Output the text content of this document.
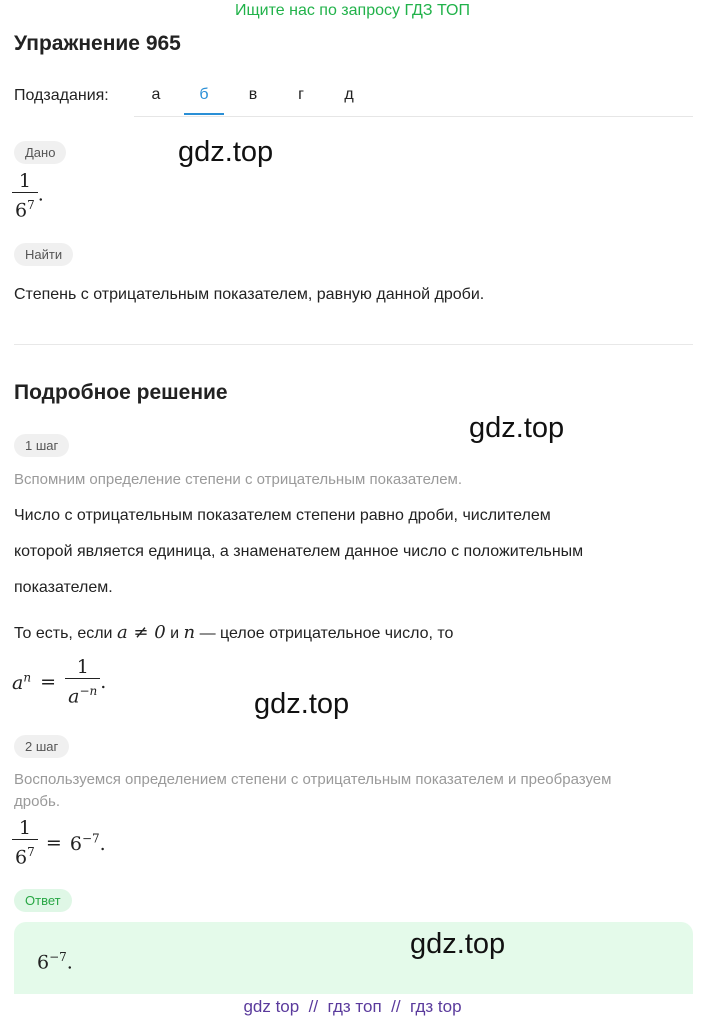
Ищите нас по запросу ГДЗ ТОП
Упражнение 965
Подзадания:	а	б	в	г	д
Дано
$\frac{1}{6^7}$ .
Найти
Степень с отрицательным показателем, равную данной дроби.
Подробное решение
1 шаг
Вспомним определение степени с отрицательным показателем.
Число с отрицательным показателем степени равно дроби, числителем
которой является единица, а знаменателем данное число с положительным
показателем.
То есть, если a ≠ 0 и n — целое отрицательное число, то
$a^n = \frac{1}{a^{-n}}$ .
2 шаг
Воспользуемся определением степени с отрицательным показателем и преобразуем
дробь.
$\frac{1}{6^7} = 6^{-7}$.
Ответ
$6^{-7}$.
gdz.top
gdz.top
gdz.top
gdz.top
gdz top  //  гдз топ  //  гдз top
